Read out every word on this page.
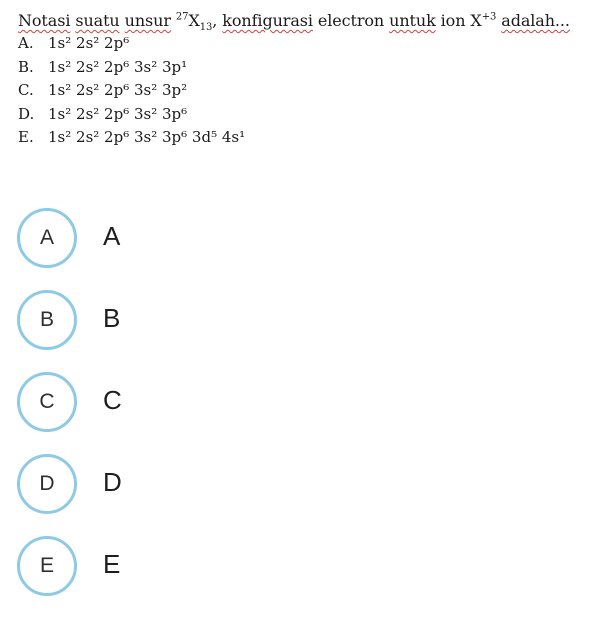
Notasi suatu unsur $^{27}X_{13}$, konfigurasi electron untuk ion $X^{+3}$ adalah...
A. 1s² 2s² 2p⁶
B. 1s² 2s² 2p⁶ 3s² 3p¹
C. 1s² 2s² 2p⁶ 3s² 3p²
D. 1s² 2s² 2p⁶ 3s² 3p⁶
E. 1s² 2s² 2p⁶ 3s² 3p⁶ 3d⁵ 4s¹
A	A
B	B
C	C
D	D
E	E
